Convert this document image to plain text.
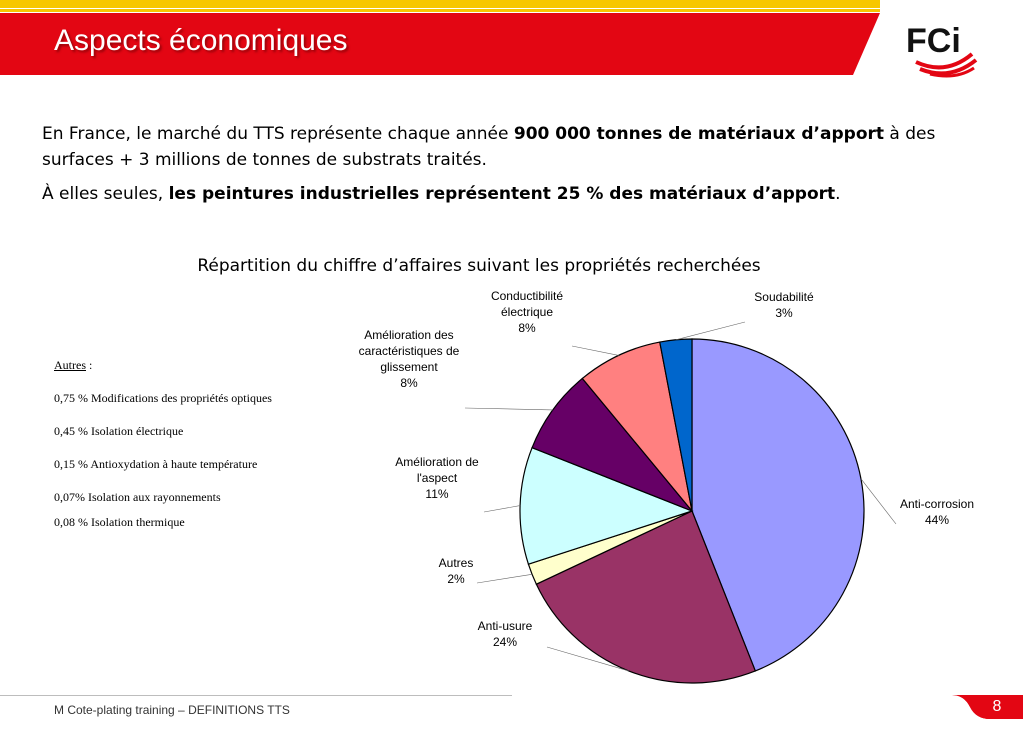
Aspects économiques	FCi

En France, le marché du TTS représente chaque année 900 000 tonnes de matériaux d’apport à des surfaces + 3 millions de tonnes de substrats traités.

À elles seules, les peintures industrielles représentent 25 % des matériaux d’apport.

Répartition du chiffre d’affaires suivant les propriétés recherchées

Autres :

0,75 % Modifications des propriétés optiques

0,45 % Isolation électrique

0,15 % Antioxydation à haute température

0,07% Isolation aux rayonnements

0,08 % Isolation thermique

Anti-corrosion 44%
Anti-usure 24%
Autres 2%
Amélioration de l'aspect 11%
Amélioration des caractéristiques de glissement 8%
Conductibilité électrique 8%
Soudabilité 3%
M Cote-plating training – DEFINITIONS TTS	8
